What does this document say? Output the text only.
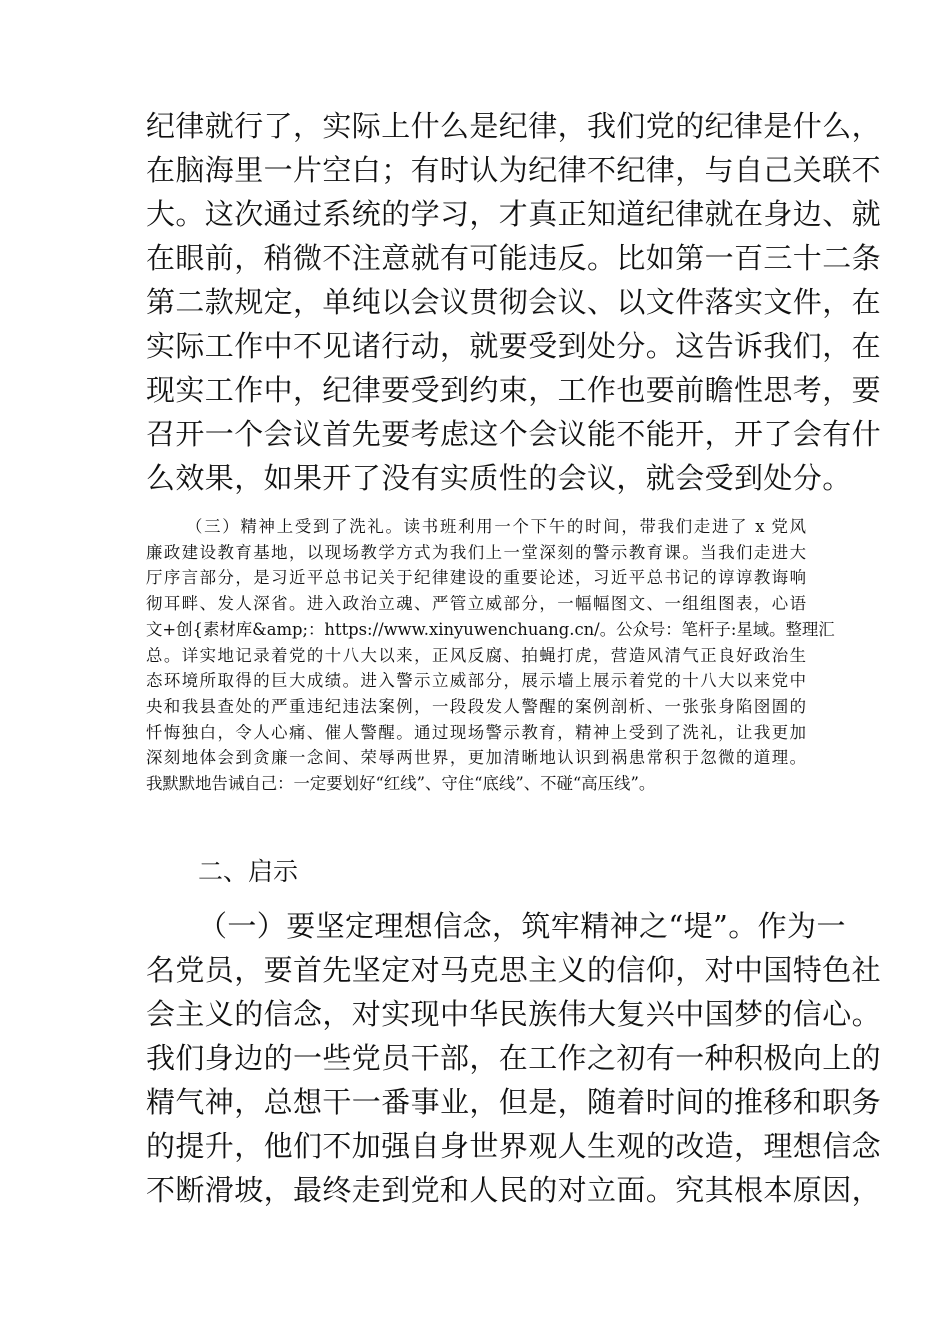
纪律就行了，实际上什么是纪律，我们党的纪律是什么，
在脑海里一片空白；有时认为纪律不纪律，与自己关联不
大。这次通过系统的学习，才真正知道纪律就在身边、就
在眼前，稍微不注意就有可能违反。比如第一百三十二条
第二款规定，单纯以会议贯彻会议、以文件落实文件，在
实际工作中不见诸行动，就要受到处分。这告诉我们，在
现实工作中，纪律要受到约束，工作也要前瞻性思考，要
召开一个会议首先要考虑这个会议能不能开，开了会有什
么效果，如果开了没有实质性的会议，就会受到处分。
（三）精神上受到了洗礼。读书班利用一个下午的时间，带我们走进了 x 党风
廉政建设教育基地，以现场教学方式为我们上一堂深刻的警示教育课。当我们走进大
厅序言部分，是习近平总书记关于纪律建设的重要论述，习近平总书记的谆谆教诲响
彻耳畔、发人深省。进入政治立魂、严管立威部分，一幅幅图文、一组组图表，心语
文+创{素材库&amp;：https://www.xinyuwenchuang.cn/。公众号：笔杆子:星域。整理汇
总。详实地记录着党的十八大以来，正风反腐、拍蝇打虎，营造风清气正良好政治生
态环境所取得的巨大成绩。进入警示立威部分，展示墙上展示着党的十八大以来党中
央和我县查处的严重违纪违法案例，一段段发人警醒的案例剖析、一张张身陷囹圄的
忏悔独白，令人心痛、催人警醒。通过现场警示教育，精神上受到了洗礼，让我更加
深刻地体会到贪廉一念间、荣辱两世界，更加清晰地认识到祸患常积于忽微的道理。
我默默地告诫自己：一定要划好“红线”、守住“底线”、不碰“高压线”。
二、启示
（一）要坚定理想信念，筑牢精神之“堤”。作为一
名党员，要首先坚定对马克思主义的信仰，对中国特色社
会主义的信念，对实现中华民族伟大复兴中国梦的信心。
我们身边的一些党员干部，在工作之初有一种积极向上的
精气神，总想干一番事业，但是，随着时间的推移和职务
的提升，他们不加强自身世界观人生观的改造，理想信念
不断滑坡，最终走到党和人民的对立面。究其根本原因，
